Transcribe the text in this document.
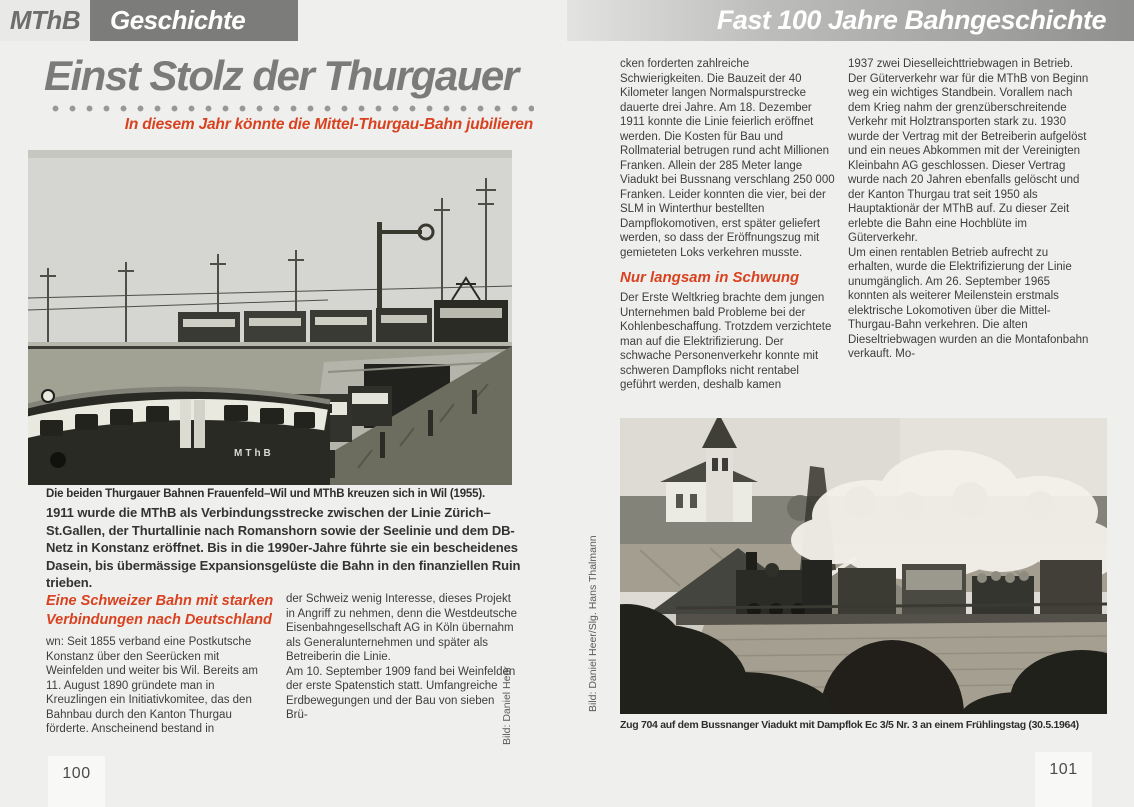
MThB	Geschichte	Fast 100 Jahre Bahngeschichte
Einst Stolz der Thurgauer
In diesem Jahr könnte die Mittel-Thurgau-Bahn jubilieren
MThB
Die beiden Thurgauer Bahnen Frauenfeld–Wil und MThB kreuzen sich in Wil (1955).
1911 wurde die MThB als Verbindungsstrecke zwischen der Linie Zürich–St.Gallen, der Thurtallinie nach Romanshorn sowie der Seelinie und dem DB-Netz in Konstanz eröffnet. Bis in die 1990er-Jahre führte sie ein bescheidenes Dasein, bis übermässige Expansionsgelüste die Bahn in den finanziellen Ruin trieben.
Eine Schweizer Bahn mit starken Verbindungen nach Deutschland

wn: Seit 1855 verband eine Postkutsche Konstanz über den Seerücken mit Weinfelden und weiter bis Wil. Bereits am 11. August 1890 gründete man in Kreuzlingen ein Initiativkomitee, das den Bahnbau durch den Kanton Thurgau förderte. Anscheinend bestand in

der Schweiz wenig Interesse, dieses Projekt in Angriff zu nehmen, denn die Westdeutsche Eisenbahngesellschaft AG in Köln übernahm als Generalunternehmen und später als Betreiberin die Linie.

Am 10. September 1909 fand bei Weinfelden der erste Spatenstich statt. Umfangreiche Erdbewegungen und der Bau von sieben Brü-	Bild: Daniel Heer

cken forderten zahlreiche Schwierigkeiten. Die Bauzeit der 40 Kilometer langen Normalspurstrecke dauerte drei Jahre. Am 18. Dezember 1911 konnte die Linie feierlich eröffnet werden. Die Kosten für Bau und Rollmaterial betrugen rund acht Millionen Franken. Allein der 285 Meter lange Viadukt bei Bussnang verschlang 250 000 Franken. Leider konnten die vier, bei der SLM in Winterthur bestellten Dampflokomotiven, erst später geliefert werden, so dass der Eröffnungszug mit gemieteten Loks verkehren musste.

Nur langsam in Schwung

Der Erste Weltkrieg brachte dem jungen Unternehmen bald Probleme bei der Kohlenbeschaffung. Trotzdem verzichtete man auf die Elektrifizierung. Der schwache Personenverkehr konnte mit schweren Dampfloks nicht rentabel geführt werden, deshalb kamen

1937 zwei Dieselleichttriebwagen in Betrieb. Der Güterverkehr war für die MThB von Beginn weg ein wichtiges Standbein. Vorallem nach dem Krieg nahm der grenzüberschreitende Verkehr mit Holztransporten stark zu. 1930 wurde der Vertrag mit der Betreiberin aufgelöst und ein neues Abkommen mit der Vereinigten Kleinbahn AG geschlossen. Dieser Vertrag wurde nach 20 Jahren ebenfalls gelöscht und der Kanton Thurgau trat seit 1950 als Hauptaktionär der MThB auf. Zu dieser Zeit erlebte die Bahn eine Hochblüte im Güterverkehr.

Um einen rentablen Betrieb aufrecht zu erhalten, wurde die Elektrifizierung der Linie unumgänglich. Am 26. September 1965 konnten als weiterer Meilenstein erstmals elektrische Lokomotiven über die Mittel-Thurgau-Bahn verkehren. Die alten Dieseltriebwagen wurden an die Montafonbahn verkauft. Mo-

Bild: Daniel Heer/Slg. Hans Thalmann
Zug 704 auf dem Bussnanger Viadukt mit Dampflok Ec 3/5 Nr. 3 an einem Frühlingstag (30.5.1964)
100	101
